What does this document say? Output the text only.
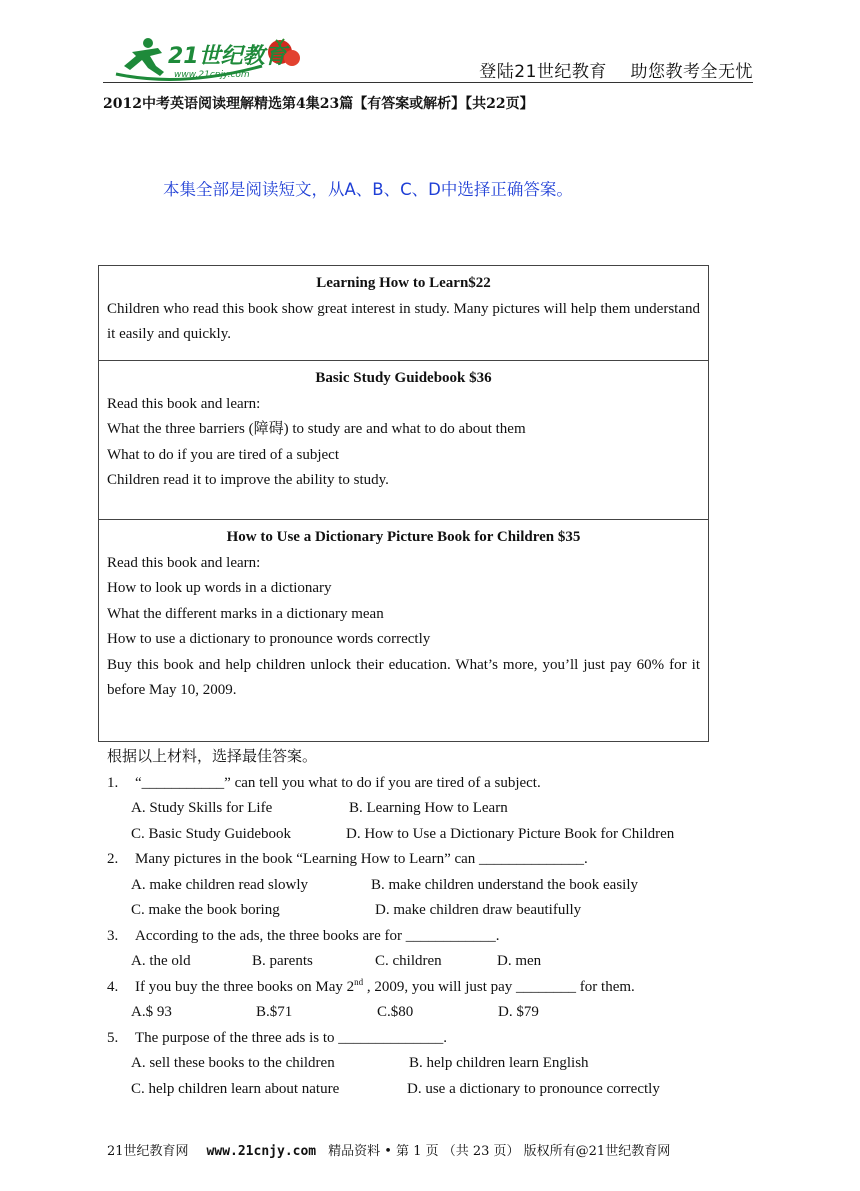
21世纪教育
www.21cnjy.com	登陆21世纪教育    助您教考全无忧
2012中考英语阅读理解精选第4集23篇【有答案或解析】【共22页】
本集全部是阅读短文，从A、B、C、D中选择正确答案。
Learning How to Learn$22
Children who read this book show great interest in study. Many pictures will help them understand it easily and quickly.
Basic Study Guidebook $36
Read this book and learn:
What the three barriers (障碍) to study are and what to do about them
What to do if you are tired of a subject
Children read it to improve the ability to study.
How to Use a Dictionary Picture Book for Children $35
Read this book and learn:
How to look up words in a dictionary
What the different marks in a dictionary mean
How to use a dictionary to pronounce words correctly
Buy this book and help children unlock their education. What’s more, you’ll just pay 60% for it before May 10, 2009.
根据以上材料，选择最佳答案。
1. “___________” can tell you what to do if you are tired of a subject.
A. Study Skills for Life	B. Learning How to Learn
C. Basic Study Guidebook	D. How to Use a Dictionary Picture Book for Children
2. Many pictures in the book “Learning How to Learn” can ______________.
A. make children read slowly	B. make children understand the book easily
C. make the book boring	D. make children draw beautifully
3. According to the ads, the three books are for ____________.
A. the old	B. parents	C. children	D. men
4. If you buy the three books on May 2nd , 2009, you will just pay ________ for them.
A.$ 93	B.$71	C.$80	D. $79
5. The purpose of the three ads is to ______________.
A. sell these books to the children	B. help children learn English
C. help children learn about nature	D. use a dictionary to pronounce correctly
21世纪教育网 www.21cnjy.com 精品资料 • 第 1 页 （共 23 页） 版权所有@21世纪教育网
